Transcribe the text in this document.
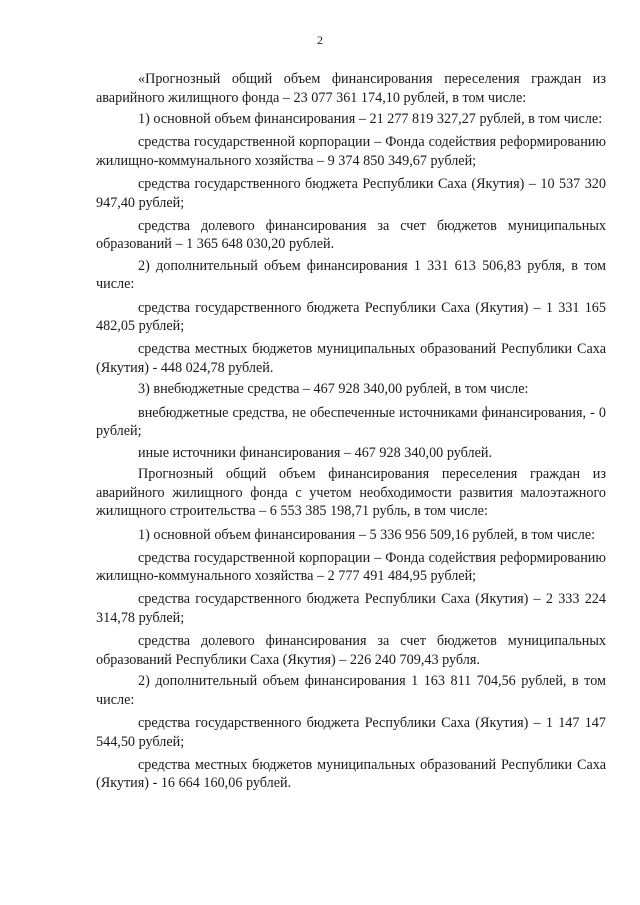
2

«Прогнозный общий объем финансирования переселения граждан из аварийного жилищного фонда – 23 077 361 174,10 рублей, в том числе:

1) основной объем финансирования – 21 277 819 327,27 рублей, в том числе:

средства государственной корпорации – Фонда содействия реформированию жилищно-коммунального хозяйства – 9 374 850 349,67 рублей;

средства государственного бюджета Республики Саха (Якутия) – 10 537 320 947,40 рублей;

средства долевого финансирования за счет бюджетов муниципальных образований – 1 365 648 030,20 рублей.

2) дополнительный объем финансирования 1 331 613 506,83 рубля, в том числе:

средства государственного бюджета Республики Саха (Якутия) – 1 331 165 482,05 рублей;

средства местных бюджетов муниципальных образований Республики Саха (Якутия) - 448 024,78 рублей.

3) внебюджетные средства – 467 928 340,00 рублей, в том числе:

внебюджетные средства, не обеспеченные источниками финансирования, - 0 рублей;

иные источники финансирования – 467 928 340,00 рублей.

Прогнозный общий объем финансирования переселения граждан из аварийного жилищного фонда с учетом необходимости развития малоэтажного жилищного строительства – 6 553 385 198,71 рубль, в том числе:

1) основной объем финансирования – 5 336 956 509,16 рублей, в том числе:

средства государственной корпорации – Фонда содействия реформированию жилищно-коммунального хозяйства – 2 777 491 484,95 рублей;

средства государственного бюджета Республики Саха (Якутия) – 2 333 224 314,78 рублей;

средства долевого финансирования за счет бюджетов муниципальных образований Республики Саха (Якутия) – 226 240 709,43 рубля.

2) дополнительный объем финансирования 1 163 811 704,56 рублей, в том числе:

средства государственного бюджета Республики Саха (Якутия) – 1 147 147 544,50 рублей;

средства местных бюджетов муниципальных образований Республики Саха (Якутия) - 16 664 160,06 рублей.
